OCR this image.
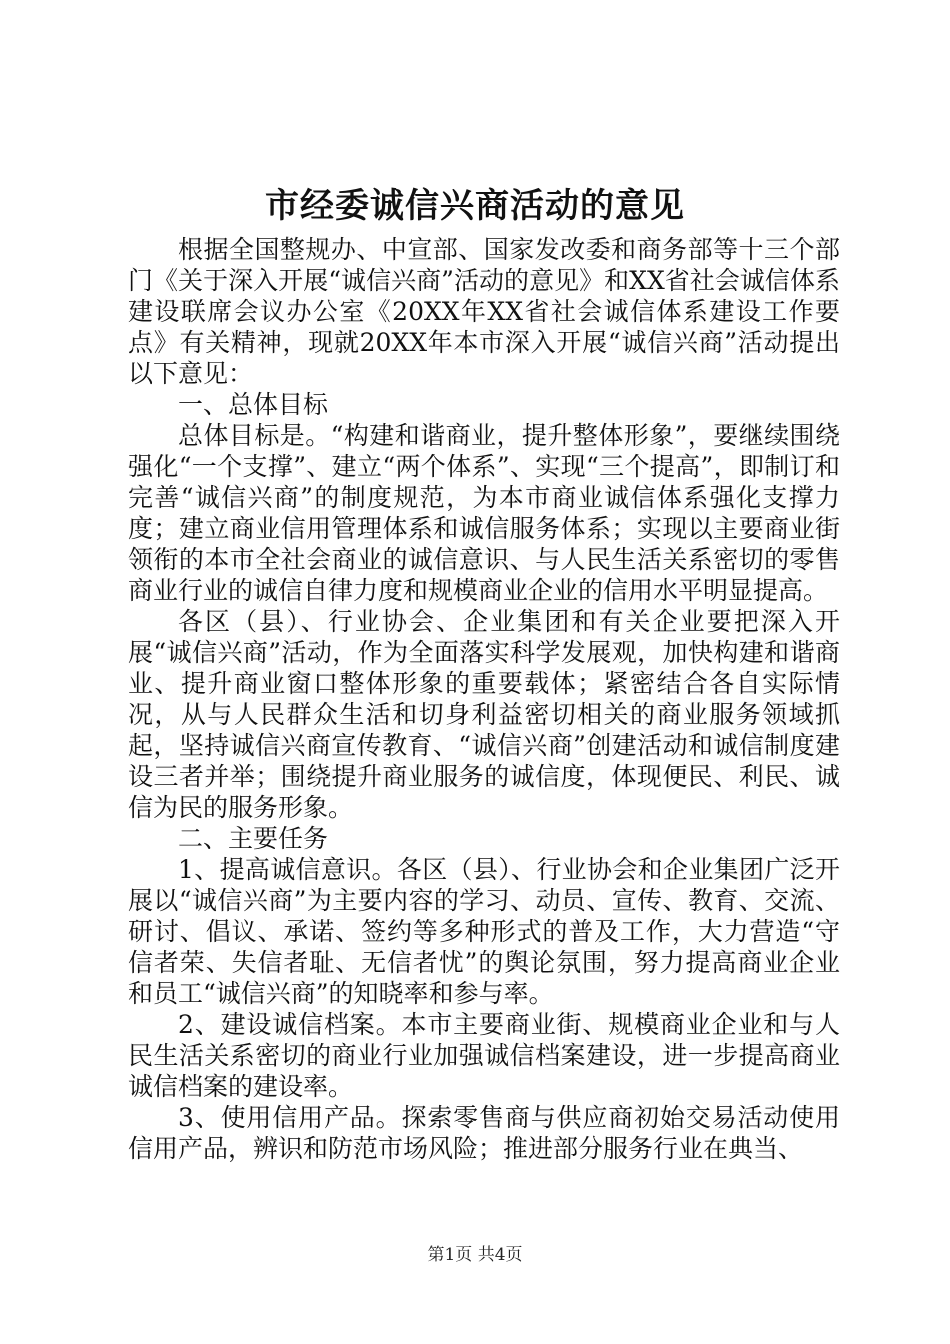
市经委诚信兴商活动的意见

根据全国整规办、中宣部、国家发改委和商务部等十三个部门《关于深入开展“诚信兴商”活动的意见》和XX省社会诚信体系建设联席会议办公室《20XX年XX省社会诚信体系建设工作要点》有关精神，现就20XX年本市深入开展“诚信兴商”活动提出以下意见：

一、总体目标

总体目标是。“构建和谐商业，提升整体形象”，要继续围绕强化“一个支撑”、建立“两个体系”、实现“三个提高”，即制订和完善“诚信兴商”的制度规范，为本市商业诚信体系强化支撑力度；建立商业信用管理体系和诚信服务体系；实现以主要商业街领衔的本市全社会商业的诚信意识、与人民生活关系密切的零售商业行业的诚信自律力度和规模商业企业的信用水平明显提高。

各区（县）、行业协会、企业集团和有关企业要把深入开展“诚信兴商”活动，作为全面落实科学发展观，加快构建和谐商业、提升商业窗口整体形象的重要载体；紧密结合各自实际情况，从与人民群众生活和切身利益密切相关的商业服务领域抓起，坚持诚信兴商宣传教育、“诚信兴商”创建活动和诚信制度建设三者并举；围绕提升商业服务的诚信度，体现便民、利民、诚信为民的服务形象。

二、主要任务

1、提高诚信意识。各区（县）、行业协会和企业集团广泛开展以“诚信兴商”为主要内容的学习、动员、宣传、教育、交流、研讨、倡议、承诺、签约等多种形式的普及工作，大力营造“守信者荣、失信者耻、无信者忧”的舆论氛围，努力提高商业企业和员工“诚信兴商”的知晓率和参与率。

2、建设诚信档案。本市主要商业街、规模商业企业和与人民生活关系密切的商业行业加强诚信档案建设，进一步提高商业诚信档案的建设率。

3、使用信用产品。探索零售商与供应商初始交易活动使用信用产品，辨识和防范市场风险；推进部分服务行业在典当、

第1页 共4页
